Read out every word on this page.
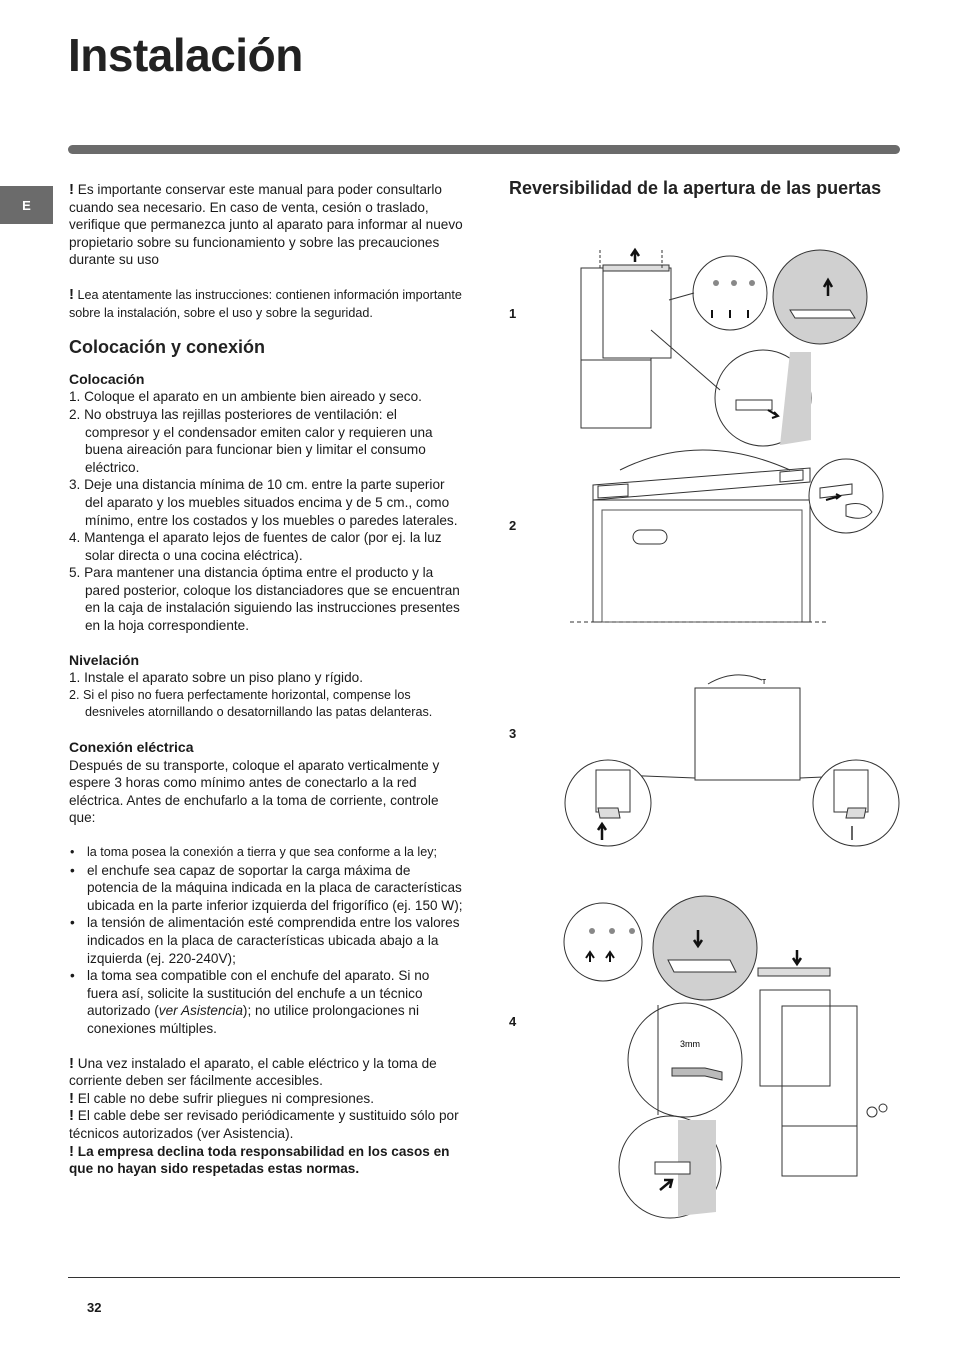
Instalación
E

! Es importante conservar este manual para poder consultarlo cuando sea necesario. En caso de venta, cesión o traslado, verifique que permanezca junto al aparato para informar al nuevo propietario sobre su funcionamiento y sobre las precauciones durante su uso

! Lea atentamente las instrucciones: contienen información importante sobre la instalación, sobre el uso y sobre la seguridad.

Colocación y conexión

Colocación

1. Coloque el aparato en un ambiente bien aireado y seco.
2. No obstruya las rejillas posteriores de ventilación: el compresor y el condensador emiten calor y requieren una buena aireación para funcionar bien y limitar el consumo eléctrico.
3. Deje una distancia mínima de 10 cm. entre la parte superior del aparato y los muebles situados encima y de 5 cm., como mínimo, entre los costados y los muebles o paredes laterales.
4. Mantenga el aparato lejos de fuentes de calor (por ej. la luz solar directa o una cocina eléctrica).
5. Para mantener una distancia óptima entre el producto y la pared posterior, coloque los distanciadores que se encuentran en la caja de instalación siguiendo las instrucciones presentes en la hoja correspondiente.

Nivelación

1. Instale el aparato sobre un piso plano y rígido.
2. Si el piso no fuera perfectamente horizontal, compense los desniveles atornillando o desatornillando las patas delanteras.

Conexión eléctrica

Después de su transporte, coloque el aparato verticalmente y espere 3 horas como mínimo antes de conectarlo a la red eléctrica. Antes de enchufarlo a la toma de corriente, controle que:

• la toma posea la conexión a tierra y que sea conforme a la ley;
• el enchufe sea capaz de soportar la carga máxima de potencia de la máquina indicada en la placa de características ubicada en la parte inferior izquierda del frigorífico (ej. 150 W);
• la tensión de alimentación esté comprendida entre los valores indicados en la placa de características ubicada abajo a la izquierda (ej. 220-240V);
• la toma sea compatible con el enchufe del aparato. Si no fuera así, solicite la sustitución del enchufe a un técnico autorizado (ver Asistencia); no utilice prolongaciones ni conexiones múltiples.

! Una vez instalado el aparato, el cable eléctrico y la toma de corriente deben ser fácilmente accesibles.

! El cable no debe sufrir pliegues ni compresiones.

! El cable debe ser revisado periódicamente y sustituido sólo por técnicos autorizados (ver Asistencia).

! La empresa declina toda responsabilidad en los casos en que no hayan sido respetadas estas normas.

Reversibilidad de la apertura de las puertas
1
2
3
4
т
3mm
32
